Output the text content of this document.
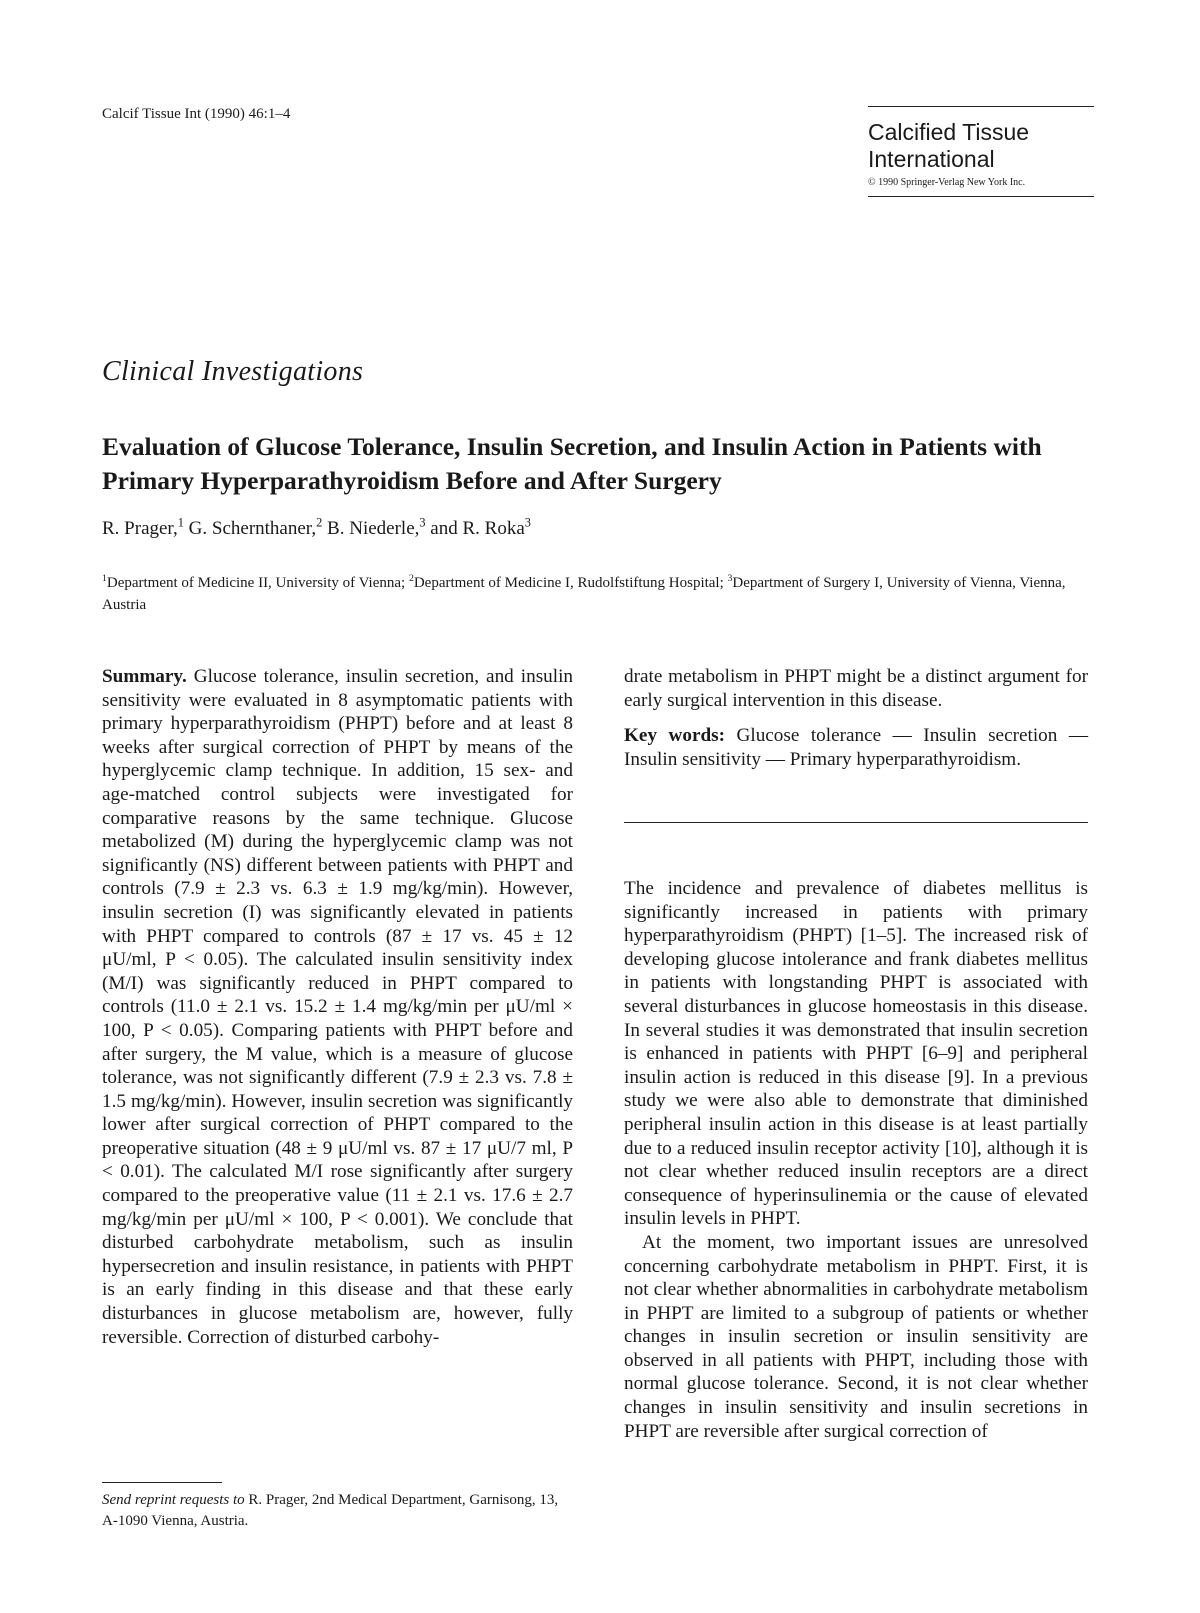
Calcif Tissue Int (1990) 46:1–4
Calcified Tissue International
© 1990 Springer-Verlag New York Inc.
Clinical Investigations
Evaluation of Glucose Tolerance, Insulin Secretion, and Insulin Action in Patients with Primary Hyperparathyroidism Before and After Surgery
R. Prager,$^1$ G. Schernthaner,$^2$ B. Niederle,$^3$ and R. Roka$^3$
$^1$Department of Medicine II, University of Vienna; $^2$Department of Medicine I, Rudolfstiftung Hospital; $^3$Department of Surgery I, University of Vienna, Vienna, Austria
Summary. Glucose tolerance, insulin secretion, and insulin sensitivity were evaluated in 8 asymptomatic patients with primary hyperparathyroidism (PHPT) before and at least 8 weeks after surgical correction of PHPT by means of the hyperglycemic clamp technique. In addition, 15 sex- and age-matched control subjects were investigated for comparative reasons by the same technique. Glucose metabolized (M) during the hyperglycemic clamp was not significantly (NS) different between patients with PHPT and controls (7.9 ± 2.3 vs. 6.3 ± 1.9 mg/kg/min). However, insulin secretion (I) was significantly elevated in patients with PHPT compared to controls (87 ± 17 vs. 45 ± 12 μU/ml, P < 0.05). The calculated insulin sensitivity index (M/I) was significantly reduced in PHPT compared to controls (11.0 ± 2.1 vs. 15.2 ± 1.4 mg/kg/min per μU/ml × 100, P < 0.05). Comparing patients with PHPT before and after surgery, the M value, which is a measure of glucose tolerance, was not significantly different (7.9 ± 2.3 vs. 7.8 ± 1.5 mg/kg/min). However, insulin secretion was significantly lower after surgical correction of PHPT compared to the preoperative situation (48 ± 9 μU/ml vs. 87 ± 17 μU/7 ml, P < 0.01). The calculated M/I rose significantly after surgery compared to the preoperative value (11 ± 2.1 vs. 17.6 ± 2.7 mg/kg/min per μU/ml × 100, P < 0.001). We conclude that disturbed carbohydrate metabolism, such as insulin hypersecretion and insulin resistance, in patients with PHPT is an early finding in this disease and that these early disturbances in glucose metabolism are, however, fully reversible. Correction of disturbed carbohy-
drate metabolism in PHPT might be a distinct argument for early surgical intervention in this disease.
Key words: Glucose tolerance — Insulin secretion — Insulin sensitivity — Primary hyperparathyroidism.

The incidence and prevalence of diabetes mellitus is significantly increased in patients with primary hyperparathyroidism (PHPT) [1–5]. The increased risk of developing glucose intolerance and frank diabetes mellitus in patients with longstanding PHPT is associated with several disturbances in glucose homeostasis in this disease. In several studies it was demonstrated that insulin secretion is enhanced in patients with PHPT [6–9] and peripheral insulin action is reduced in this disease [9]. In a previous study we were also able to demonstrate that diminished peripheral insulin action in this disease is at least partially due to a reduced insulin receptor activity [10], although it is not clear whether reduced insulin receptors are a direct consequence of hyperinsulinemia or the cause of elevated insulin levels in PHPT.

At the moment, two important issues are unresolved concerning carbohydrate metabolism in PHPT. First, it is not clear whether abnormalities in carbohydrate metabolism in PHPT are limited to a subgroup of patients or whether changes in insulin secretion or insulin sensitivity are observed in all patients with PHPT, including those with normal glucose tolerance. Second, it is not clear whether changes in insulin sensitivity and insulin secretions in PHPT are reversible after surgical correction of

Send reprint requests to R. Prager, 2nd Medical Department, Garnisong, 13, A-1090 Vienna, Austria.
